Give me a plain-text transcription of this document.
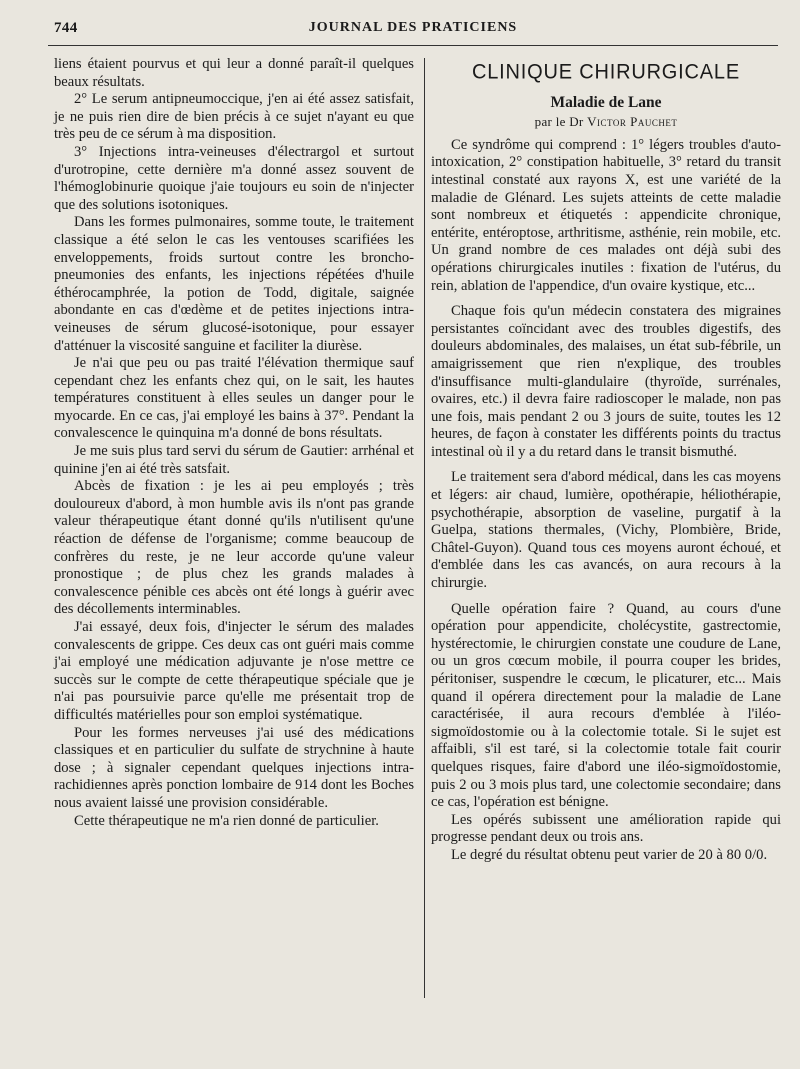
744	JOURNAL DES PRATICIENS

liens étaient pourvus et qui leur a donné paraît-il quelques beaux résultats.

2° Le serum antipneumoccique, j'en ai été assez satisfait, je ne puis rien dire de bien précis à ce sujet n'ayant eu que très peu de ce sérum à ma disposition.

3° Injections intra-veineuses d'électrargol et surtout d'urotropine, cette dernière m'a donné assez souvent de l'hémoglobinurie quoique j'aie toujours eu soin de n'injecter que des solutions isotoniques.

Dans les formes pulmonaires, somme toute, le traitement classique a été selon le cas les ventouses scarifiées les enveloppements, froids surtout contre les broncho-pneumonies des enfants, les injections répétées d'huile éthérocamphrée, la potion de Todd, digitale, saignée abondante en cas d'œdème et de petites injections intra-veineuses de sérum glucosé-isotonique, pour essayer d'atténuer la viscosité sanguine et faciliter la diurèse.

Je n'ai que peu ou pas traité l'élévation thermique sauf cependant chez les enfants chez qui, on le sait, les hautes températures constituent à elles seules un danger pour le myocarde. En ce cas, j'ai employé les bains à 37°. Pendant la convalescence le quinquina m'a donné de bons résultats.

Je me suis plus tard servi du sérum de Gautier: arrhénal et quinine j'en ai été très satsfait.

Abcès de fixation : je les ai peu employés ; très douloureux d'abord, à mon humble avis ils n'ont pas grande valeur thérapeutique étant donné qu'ils n'utilisent qu'une réaction de défense de l'organisme; comme beaucoup de confrères du reste, je ne leur accorde qu'une valeur pronostique ; de plus chez les grands malades à convalescence pénible ces abcès ont été longs à guérir avec des décollements interminables.

J'ai essayé, deux fois, d'injecter le sérum des malades convalescents de grippe. Ces deux cas ont guéri mais comme j'ai employé une médication adjuvante je n'ose mettre ce succès sur le compte de cette thérapeutique spéciale que je n'ai pas poursuivie parce qu'elle me présentait trop de difficultés matérielles pour son emploi systématique.

Pour les formes nerveuses j'ai usé des médications classiques et en particulier du sulfate de strychnine à haute dose ; à signaler cependant quelques injections intra-rachidiennes après ponction lombaire de 914 dont les Boches nous avaient laissé une provision considérable.

Cette thérapeutique ne m'a rien donné de particulier.

CLINIQUE CHIRURGICALE
Maladie de Lane
par le Dr Victor Pauchet

Ce syndrôme qui comprend : 1° légers troubles d'auto-intoxication, 2° constipation habituelle, 3° retard du transit intestinal constaté aux rayons X, est une variété de la maladie de Glénard. Les sujets atteints de cette maladie sont nombreux et étiquetés : appendicite chronique, entérite, entéroptose, arthritisme, asthénie, rein mobile, etc. Un grand nombre de ces malades ont déjà subi des opérations chirurgicales inutiles : fixation de l'utérus, du rein, ablation de l'appendice, d'un ovaire kystique, etc...

Chaque fois qu'un médecin constatera des migraines persistantes coïncidant avec des troubles digestifs, des douleurs abdominales, des malaises, un état sub-fébrile, un amaigrissement que rien n'explique, des troubles d'insuffisance multi-glandulaire (thyroïde, surrénales, ovaires, etc.) il devra faire radioscoper le malade, non pas une fois, mais pendant 2 ou 3 jours de suite, toutes les 12 heures, de façon à constater les différents points du tractus intestinal où il y a du retard dans le transit bismuthé.

Le traitement sera d'abord médical, dans les cas moyens et légers: air chaud, lumière, opothérapie, héliothérapie, psychothérapie, absorption de vaseline, purgatif à la Guelpa, stations thermales, (Vichy, Plombière, Bride, Châtel-Guyon). Quand tous ces moyens auront échoué, et d'emblée dans les cas avancés, on aura recours à la chirurgie.

Quelle opération faire ? Quand, au cours d'une opération pour appendicite, cholécystite, gastrectomie, hystérectomie, le chirurgien constate une coudure de Lane, ou un gros cœcum mobile, il pourra couper les brides, péritoniser, suspendre le cœcum, le plicaturer, etc... Mais quand il opérera directement pour la maladie de Lane caractérisée, il aura recours d'emblée à l'iléo-sigmoïdostomie ou à la colectomie totale. Si le sujet est affaibli, s'il est taré, si la colectomie totale fait courir quelques risques, faire d'abord une iléo-sigmoïdostomie, puis 2 ou 3 mois plus tard, une colectomie secondaire; dans ce cas, l'opération est bénigne.

Les opérés subissent une amélioration rapide qui progresse pendant deux ou trois ans.

Le degré du résultat obtenu peut varier de 20 à 80 0/0.
